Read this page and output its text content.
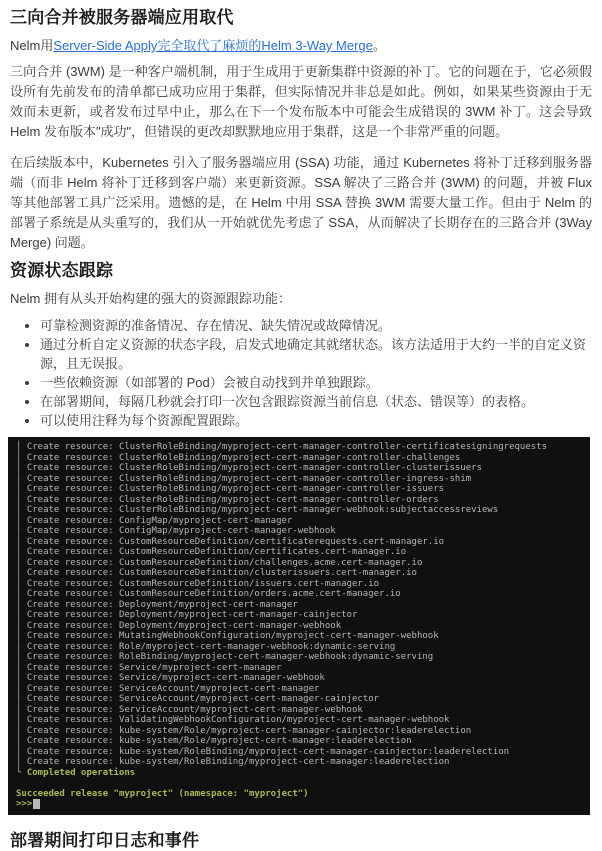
三向合并被服务器端应用取代

Nelm用Server-Side Apply完全取代了麻烦的Helm 3-Way Merge。

三向合并 (3WM) 是一种客户端机制，用于生成用于更新集群中资源的补丁。它的问题在于，它必须假设所有先前发布的清单都已成功应用于集群，但实际情况并非总是如此。例如，如果某些资源由于无效而未更新，或者发布过早中止，那么在下一个发布版本中可能会生成错误的 3WM 补丁。这会导致 Helm 发布版本"成功"，但错误的更改却默默地应用于集群，这是一个非常严重的问题。

在后续版本中，Kubernetes 引入了服务器端应用 (SSA) 功能，通过 Kubernetes 将补丁迁移到服务器端（而非 Helm 将补丁迁移到客户端）来更新资源。SSA 解决了三路合并 (3WM) 的问题，并被 Flux 等其他部署工具广泛采用。遗憾的是，在 Helm 中用 SSA 替换 3WM 需要大量工作。但由于 Nelm 的部署子系统是从头重写的，我们从一开始就优先考虑了 SSA，从而解决了长期存在的三路合并 (3Way Merge) 问题。

资源状态跟踪

Nelm 拥有从头开始构建的强大的资源跟踪功能：

• 可靠检测资源的准备情况、存在情况、缺失情况或故障情况。
• 通过分析自定义资源的状态字段，启发式地确定其就绪状态。该方法适用于大约一半的自定义资源，且无误报。
• 一些依赖资源（如部署的 Pod）会被自动找到并单独跟踪。
• 在部署期间，每隔几秒就会打印一次包含跟踪资源当前信息（状态、错误等）的表格。
• 可以使用注释为每个资源配置跟踪。
│ Create resource: ClusterRoleBinding/myproject-cert-manager-controller-certificatesigningrequests
│ Create resource: ClusterRoleBinding/myproject-cert-manager-controller-challenges
│ Create resource: ClusterRoleBinding/myproject-cert-manager-controller-clusterissuers
│ Create resource: ClusterRoleBinding/myproject-cert-manager-controller-ingress-shim
│ Create resource: ClusterRoleBinding/myproject-cert-manager-controller-issuers
│ Create resource: ClusterRoleBinding/myproject-cert-manager-controller-orders
│ Create resource: ClusterRoleBinding/myproject-cert-manager-webhook:subjectaccessreviews
│ Create resource: ConfigMap/myproject-cert-manager
│ Create resource: ConfigMap/myproject-cert-manager-webhook
│ Create resource: CustomResourceDefinition/certificaterequests.cert-manager.io
│ Create resource: CustomResourceDefinition/certificates.cert-manager.io
│ Create resource: CustomResourceDefinition/challenges.acme.cert-manager.io
│ Create resource: CustomResourceDefinition/clusterissuers.cert-manager.io
│ Create resource: CustomResourceDefinition/issuers.cert-manager.io
│ Create resource: CustomResourceDefinition/orders.acme.cert-manager.io
│ Create resource: Deployment/myproject-cert-manager
│ Create resource: Deployment/myproject-cert-manager-cainjector
│ Create resource: Deployment/myproject-cert-manager-webhook
│ Create resource: MutatingWebhookConfiguration/myproject-cert-manager-webhook
│ Create resource: Role/myproject-cert-manager-webhook:dynamic-serving
│ Create resource: RoleBinding/myproject-cert-manager-webhook:dynamic-serving
│ Create resource: Service/myproject-cert-manager
│ Create resource: Service/myproject-cert-manager-webhook
│ Create resource: ServiceAccount/myproject-cert-manager
│ Create resource: ServiceAccount/myproject-cert-manager-cainjector
│ Create resource: ServiceAccount/myproject-cert-manager-webhook
│ Create resource: ValidatingWebhookConfiguration/myproject-cert-manager-webhook
│ Create resource: kube-system/Role/myproject-cert-manager-cainjector:leaderelection
│ Create resource: kube-system/Role/myproject-cert-manager:leaderelection
│ Create resource: kube-system/RoleBinding/myproject-cert-manager-cainjector:leaderelection
│ Create resource: kube-system/RoleBinding/myproject-cert-manager:leaderelection
└ Completed operations

Succeeded release "myproject" (namespace: "myproject")
>>>
部署期间打印日志和事件
